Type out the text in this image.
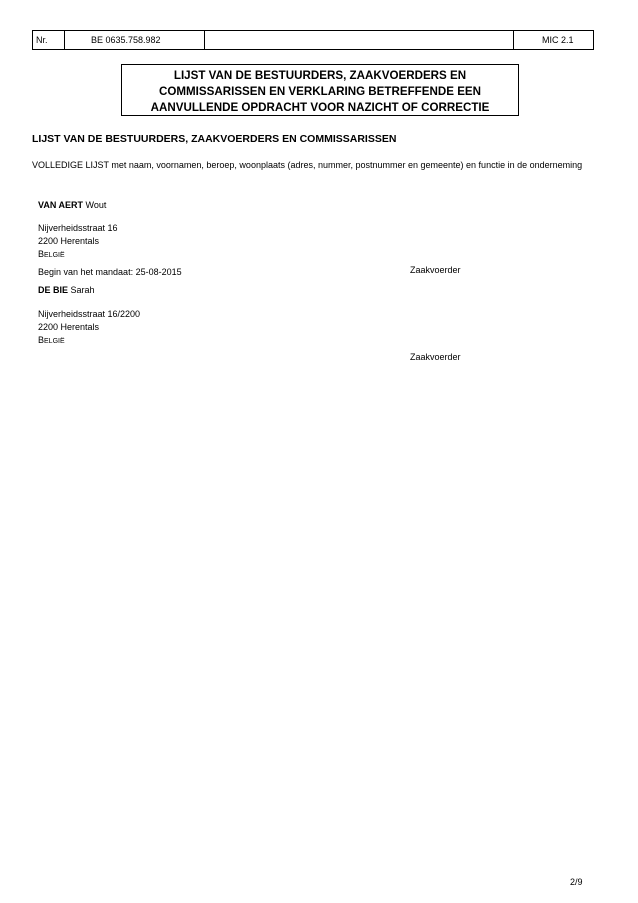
Nr.	BE 0635.758.982	MIC 2.1
LIJST VAN DE BESTUURDERS, ZAAKVOERDERS EN
COMMISSARISSEN EN VERKLARING BETREFFENDE EEN
AANVULLENDE OPDRACHT VOOR NAZICHT OF CORRECTIE
LIJST VAN DE BESTUURDERS, ZAAKVOERDERS EN COMMISSARISSEN
VOLLEDIGE LIJST met naam, voornamen, beroep, woonplaats (adres, nummer, postnummer en gemeente) en functie in de onderneming
VAN AERT Wout
Nijverheidsstraat 16
2200 Herentals
BELGIË
Begin van het mandaat: 25-08-2015	Zaakvoerder
DE BIE Sarah
Nijverheidsstraat 16/2200
2200 Herentals
BELGIË
Zaakvoerder
2/9
